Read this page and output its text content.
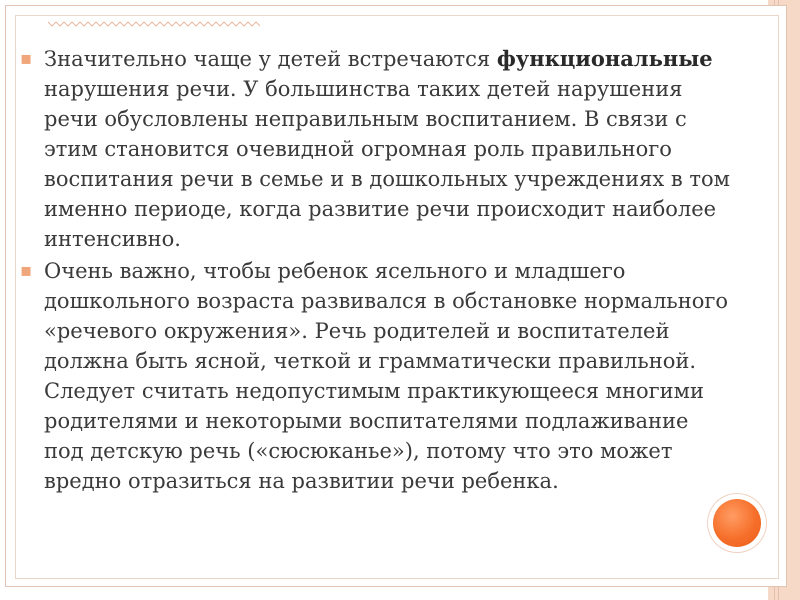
▪ Значительно чаще у детей встречаются функциональные нарушения речи. У большинства таких детей нарушения речи обусловлены неправильным воспитанием. В связи с этим становится очевидной огромная роль правильного воспитания речи в семье и в дошкольных учреждениях в том именно периоде, когда развитие речи происходит наиболее интенсивно.
▪ Очень важно, чтобы ребенок ясельного и младшего дошкольного возраста развивался в обстановке нормального «речевого окружения». Речь родителей и воспитателей должна быть ясной, четкой и грамматически правильной. Следует считать недопустимым практикующееся многими родителями и некоторыми воспитателями подлаживание под детскую речь («сюсюканье»), потому что это может вредно отразиться на развитии речи ребенка.
